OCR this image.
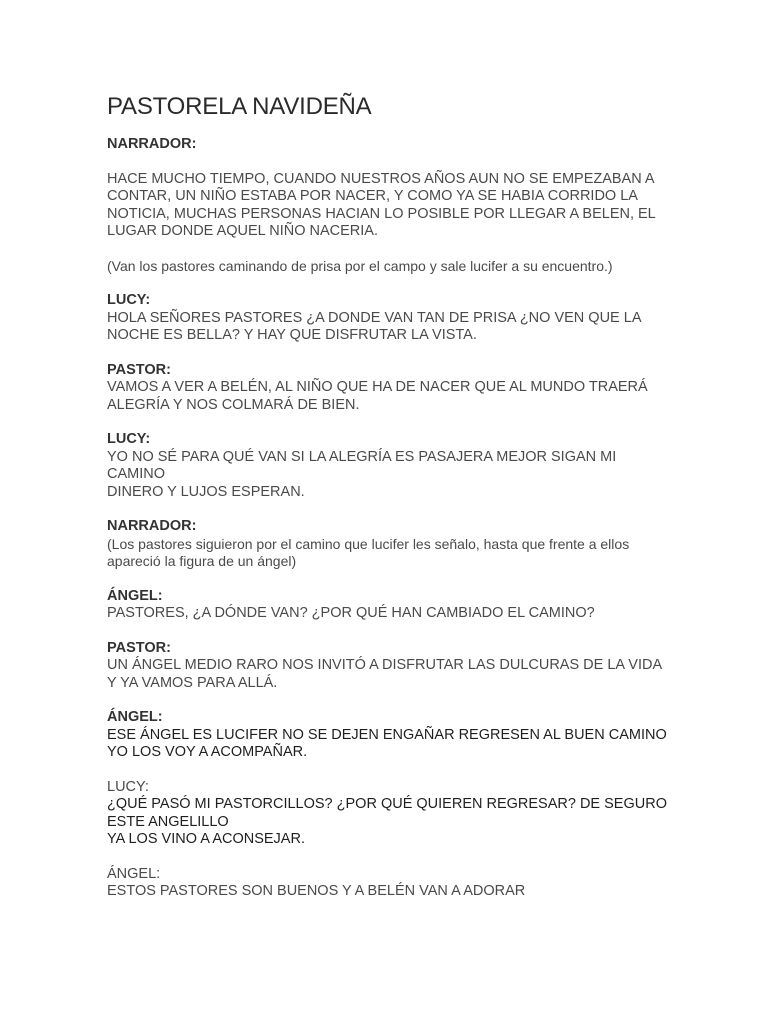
PASTORELA NAVIDEÑA
NARRADOR:
HACE MUCHO TIEMPO, CUANDO NUESTROS AÑOS AUN NO SE EMPEZABAN A
CONTAR, UN NIÑO ESTABA POR NACER, Y COMO YA SE HABIA CORRIDO LA
NOTICIA, MUCHAS PERSONAS HACIAN LO POSIBLE POR LLEGAR A BELEN, EL
LUGAR DONDE AQUEL NIÑO NACERIA.
(Van los pastores caminando de prisa por el campo y sale lucifer a su encuentro.)
LUCY:
HOLA SEÑORES PASTORES ¿A DONDE VAN TAN DE PRISA ¿NO VEN QUE LA
NOCHE ES BELLA? Y HAY QUE DISFRUTAR LA VISTA.
PASTOR:
VAMOS A VER A BELÉN, AL NIÑO QUE HA DE NACER QUE AL MUNDO TRAERÁ
ALEGRÍA Y NOS COLMARÁ DE BIEN.
LUCY:
YO NO SÉ PARA QUÉ VAN SI LA ALEGRÍA ES PASAJERA MEJOR SIGAN MI
CAMINO
DINERO Y LUJOS ESPERAN.
NARRADOR:
(Los pastores siguieron por el camino que lucifer les señalo, hasta que frente a ellos
apareció la figura de un ángel)
ÁNGEL:
PASTORES, ¿A DÓNDE VAN? ¿POR QUÉ HAN CAMBIADO EL CAMINO?
PASTOR:
UN ÁNGEL MEDIO RARO NOS INVITÓ A DISFRUTAR LAS DULCURAS DE LA VIDA
Y YA VAMOS PARA ALLÁ.
ÁNGEL:
ESE ÁNGEL ES LUCIFER NO SE DEJEN ENGAÑAR REGRESEN AL BUEN CAMINO
YO LOS VOY A ACOMPAÑAR.
LUCY:
¿QUÉ PASÓ MI PASTORCILLOS? ¿POR QUÉ QUIEREN REGRESAR? DE SEGURO
ESTE ANGELILLO
YA LOS VINO A ACONSEJAR.
ÁNGEL:
ESTOS PASTORES SON BUENOS Y A BELÉN VAN A ADORAR
